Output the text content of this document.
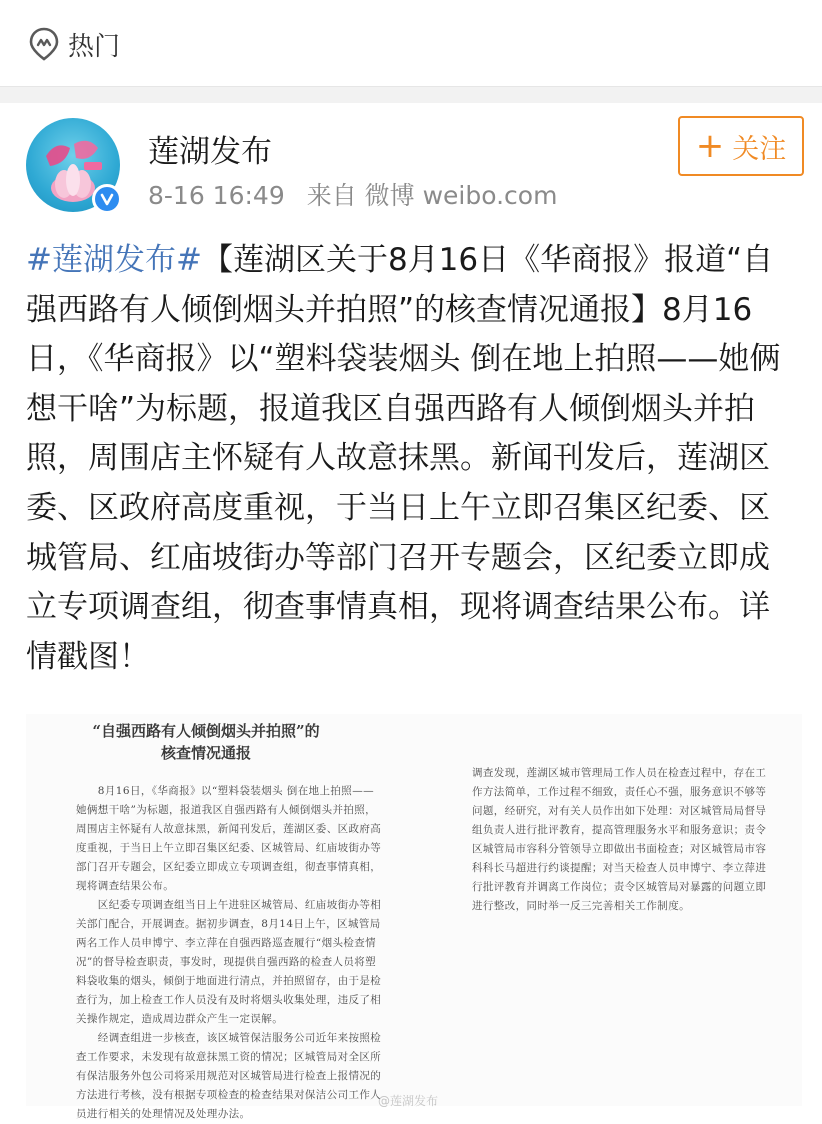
热门
莲湖发布
8-16 16:49 来自 微博 weibo.com
+ 关注
#莲湖发布#【莲湖区关于8月16日《华商报》报道“自强西路有人倾倒烟头并拍照”的核查情况通报】8月16日，《华商报》以“塑料袋装烟头 倒在地上拍照——她俩想干啥”为标题，报道我区自强西路有人倾倒烟头并拍照，周围店主怀疑有人故意抹黑。新闻刊发后，莲湖区委、区政府高度重视，于当日上午立即召集区纪委、区城管局、红庙坡街办等部门召开专题会，区纪委立即成立专项调查组，彻查事情真相，现将调查结果公布。详情戳图！
“自强西路有人倾倒烟头并拍照”的
核查情况通报
　　8月16日，《华商报》以“塑料袋装烟头 倒在地上拍照——她俩想干啥”为标题，报道我区自强西路有人倾倒烟头并拍照，周围店主怀疑有人故意抹黑，新闻刊发后，莲湖区委、区政府高度重视，于当日上午立即召集区纪委、区城管局、红庙坡街办等部门召开专题会，区纪委立即成立专项调查组，彻查事情真相，现将调查结果公布。
　　区纪委专项调查组当日上午进驻区城管局、红庙坡街办等相关部门配合，开展调查。据初步调查，8月14日上午，区城管局两名工作人员申博宁、李立萍在自强西路巡查履行“烟头检查情况”的督导检查职责，事发时，现提供自强西路的检查人员将塑料袋收集的烟头，倾倒于地面进行清点，并拍照留存，由于是检查行为，加上检查工作人员没有及时将烟头收集处理，违反了相关操作规定，造成周边群众产生一定误解。
　　经调查组进一步核查，该区城管保洁服务公司近年来按照检查工作要求，未发现有故意抹黑工资的情况；区城管局对全区所有保洁服务外包公司将采用规范对区城管局进行检查上报情况的方法进行考核，没有根据专项检查的检查结果对保洁公司工作人员进行相关的处理情况及处理办法。
调查发现，莲湖区城市管理局工作人员在检查过程中，存在工作方法简单，工作过程不细致，责任心不强，服务意识不够等问题，经研究，对有关人员作出如下处理：对区城管局局督导组负责人进行批评教育，提高管理服务水平和服务意识；责令区城管局市容科分管领导立即做出书面检查；对区城管局市容科科长马超进行约谈提醒；对当天检查人员申博宁、李立萍进行批评教育并调离工作岗位；责令区城管局对暴露的问题立即进行整改，同时举一反三完善相关工作制度。
@莲湖发布
